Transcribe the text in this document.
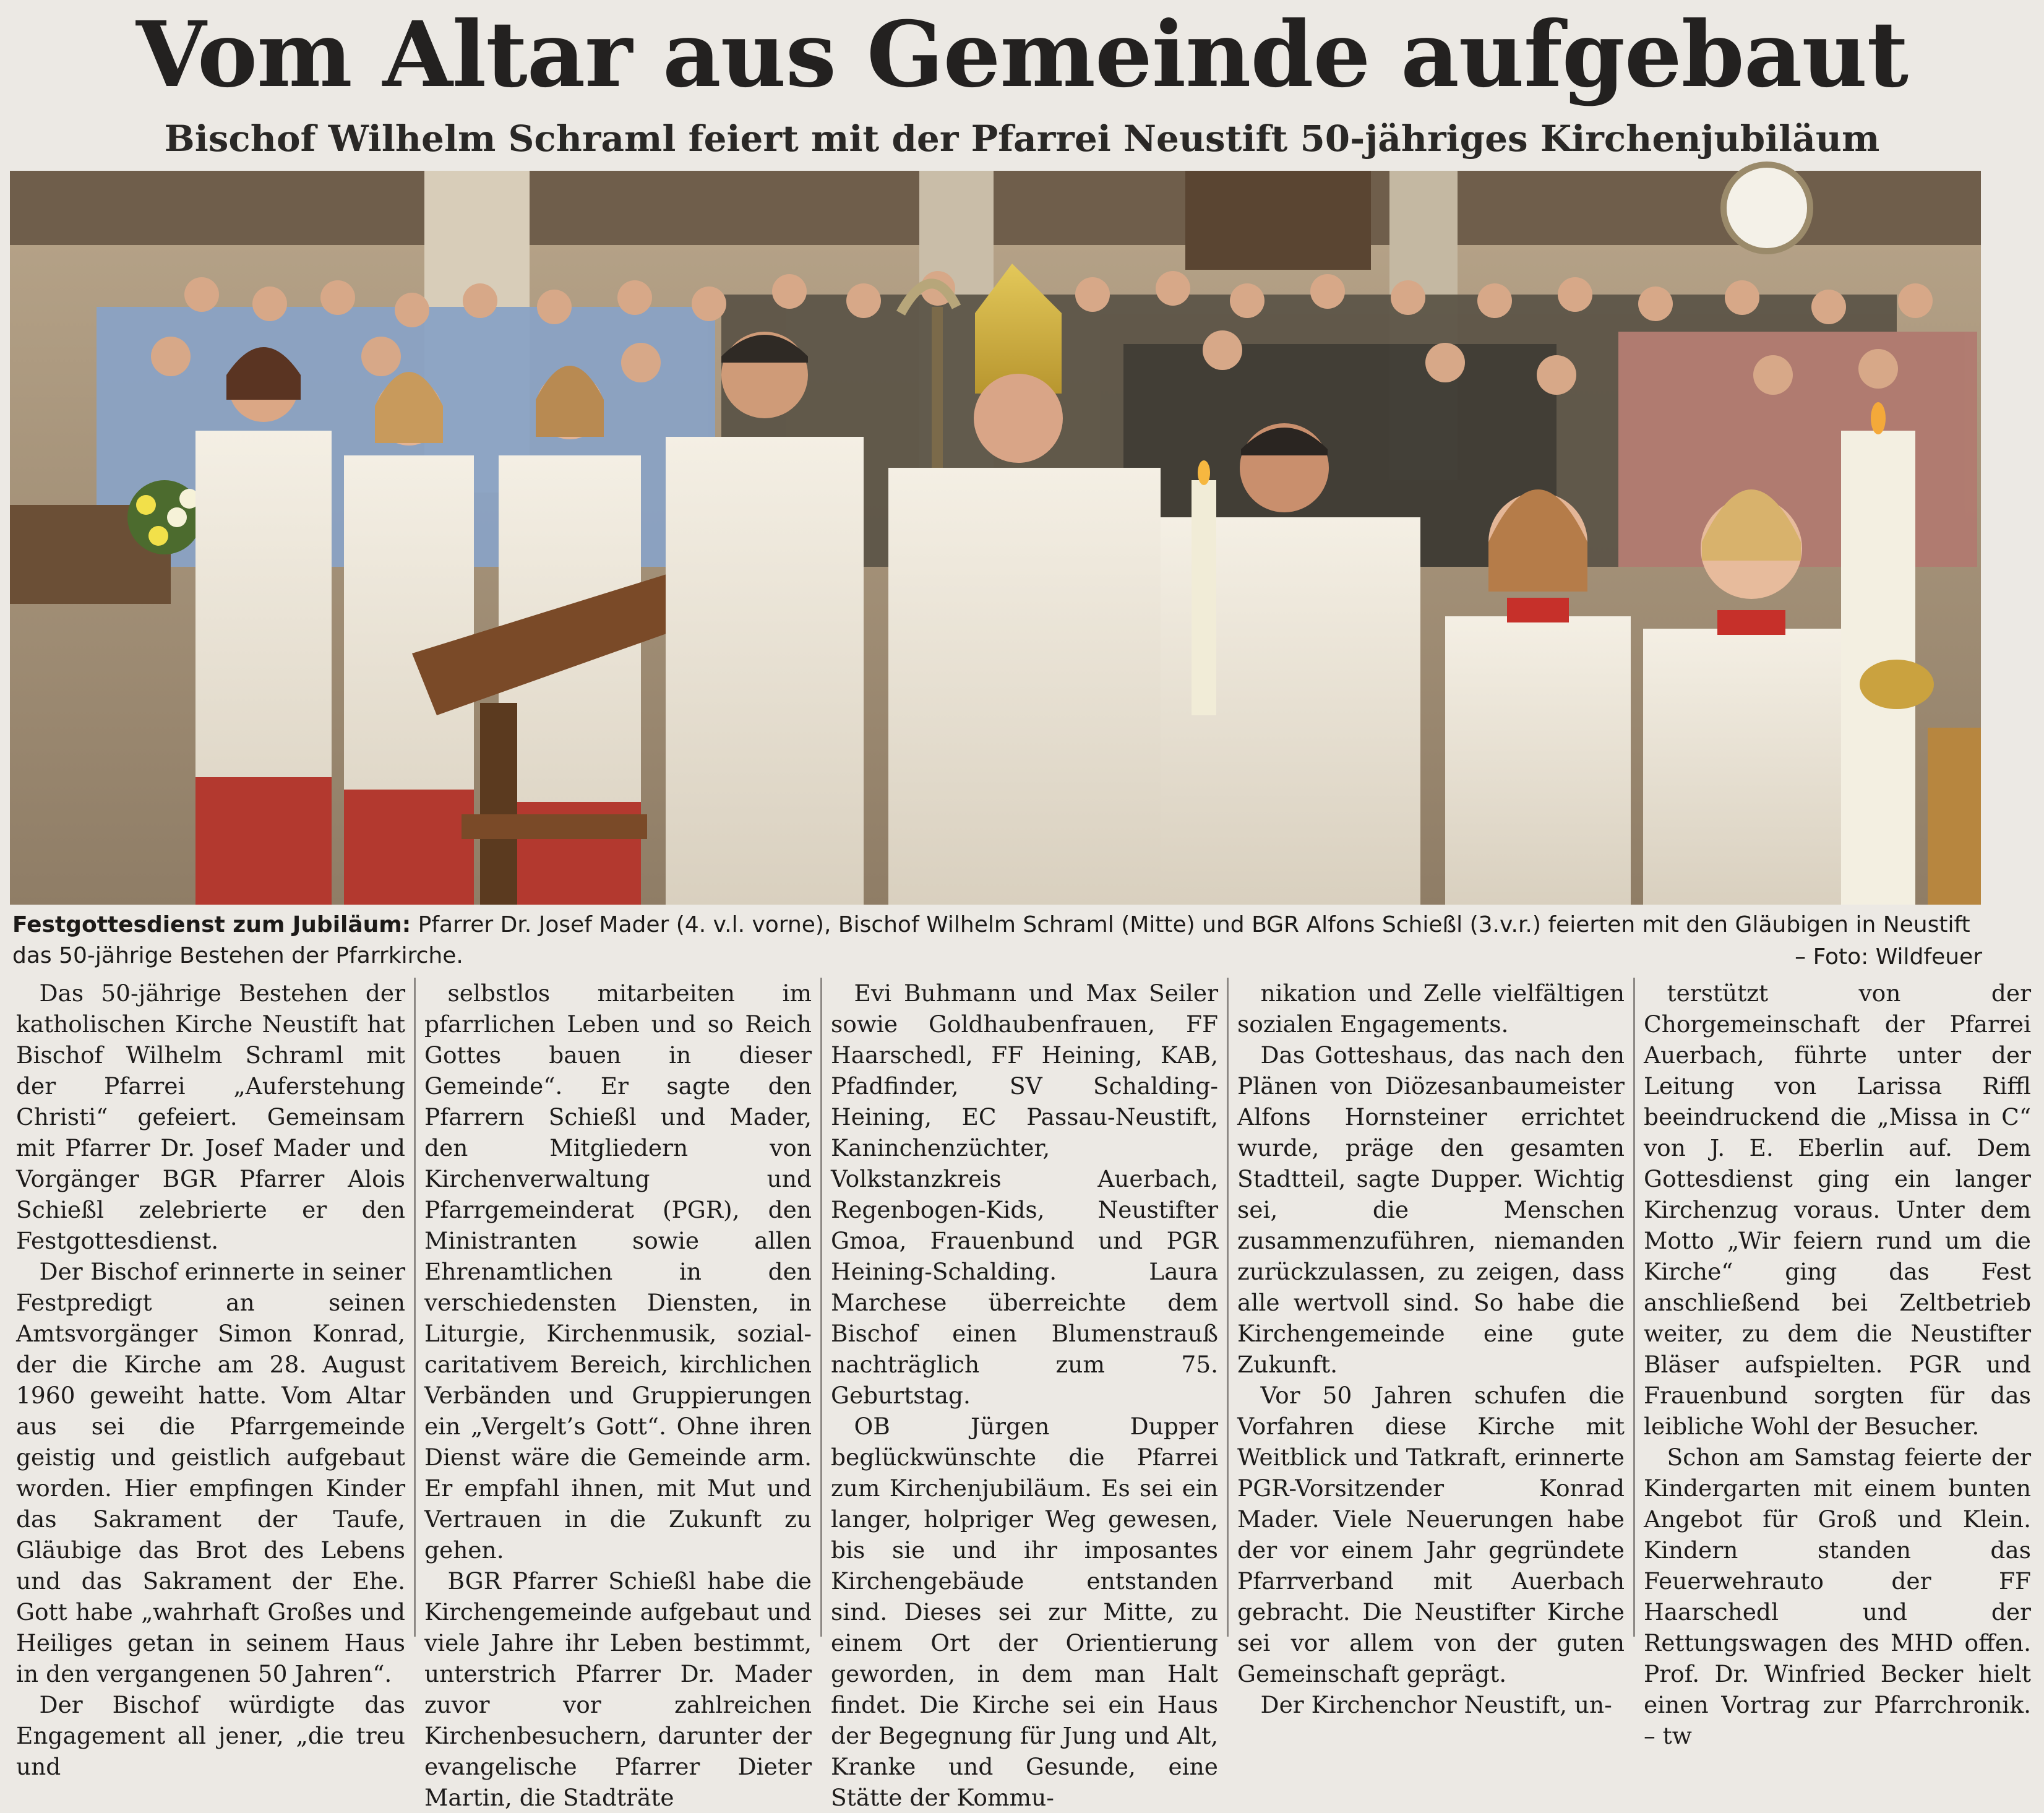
Vom Altar aus Gemeinde aufgebaut
Bischof Wilhelm Schraml feiert mit der Pfarrei Neustift 50-jähriges Kirchenjubiläum
Festgottesdienst zum Jubiläum: Pfarrer Dr. Josef Mader (4. v.l. vorne), Bischof Wilhelm Schraml (Mitte) und BGR Alfons Schießl (3.v.r.) feierten mit den Gläubigen in Neustift das 50-jährige Bestehen der Pfarrkirche.	– Foto: Wildfeuer

 Das 50-jährige Bestehen der katholischen Kirche Neustift hat Bischof Wilhelm Schraml mit der Pfarrei „Auferstehung Christi“ gefeiert. Gemeinsam mit Pfarrer Dr. Josef Mader und Vorgänger BGR Pfarrer Alois Schießl zelebrierte er den Festgottesdienst.
 Der Bischof erinnerte in seiner Festpredigt an seinen Amtsvorgänger Simon Konrad, der die Kirche am 28. August 1960 geweiht hatte. Vom Altar aus sei die Pfarrgemeinde geistig und geistlich aufgebaut worden. Hier empfingen Kinder das Sakrament der Taufe, Gläubige das Brot des Lebens und das Sakrament der Ehe. Gott habe „wahrhaft Großes und Heiliges getan in seinem Haus in den vergangenen 50 Jahren“.
 Der Bischof würdigte das Engagement all jener, „die treu und

 selbstlos mitarbeiten im pfarrlichen Leben und so Reich Gottes bauen in dieser Gemeinde“. Er sagte den Pfarrern Schießl und Mader, den Mitgliedern von Kirchenverwaltung und Pfarrgemeinderat (PGR), den Ministranten sowie allen Ehrenamtlichen in den verschiedensten Diensten, in Liturgie, Kirchenmusik, sozial-caritativem Bereich, kirchlichen Verbänden und Gruppierungen ein „Vergelt’s Gott“. Ohne ihren Dienst wäre die Gemeinde arm. Er empfahl ihnen, mit Mut und Vertrauen in die Zukunft zu gehen.
 BGR Pfarrer Schießl habe die Kirchengemeinde aufgebaut und viele Jahre ihr Leben bestimmt, unterstrich Pfarrer Dr. Mader zuvor vor zahlreichen Kirchenbesuchern, darunter der evangelische Pfarrer Dieter Martin, die Stadträte

 Evi Buhmann und Max Seiler sowie Goldhaubenfrauen, FF Haarschedl, FF Heining, KAB, Pfadfinder, SV Schalding-Heining, EC Passau-Neustift, Kaninchenzüchter, Volkstanzkreis Auerbach, Regenbogen-Kids, Neustifter Gmoa, Frauenbund und PGR Heining-Schalding. Laura Marchese überreichte dem Bischof einen Blumenstrauß nachträglich zum 75. Geburtstag.
 OB Jürgen Dupper beglückwünschte die Pfarrei zum Kirchenjubiläum. Es sei ein langer, holpriger Weg gewesen, bis sie und ihr imposantes Kirchengebäude entstanden sind. Dieses sei zur Mitte, zu einem Ort der Orientierung geworden, in dem man Halt findet. Die Kirche sei ein Haus der Begegnung für Jung und Alt, Kranke und Gesunde, eine Stätte der Kommu-

 nikation und Zelle vielfältigen sozialen Engagements.
 Das Gotteshaus, das nach den Plänen von Diözesanbaumeister Alfons Hornsteiner errichtet wurde, präge den gesamten Stadtteil, sagte Dupper. Wichtig sei, die Menschen zusammenzuführen, niemanden zurückzulassen, zu zeigen, dass alle wertvoll sind. So habe die Kirchengemeinde eine gute Zukunft.
 Vor 50 Jahren schufen die Vorfahren diese Kirche mit Weitblick und Tatkraft, erinnerte PGR-Vorsitzender Konrad Mader. Viele Neuerungen habe der vor einem Jahr gegründete Pfarrverband mit Auerbach gebracht. Die Neustifter Kirche sei vor allem von der guten Gemeinschaft geprägt.
 Der Kirchenchor Neustift, un-

 terstützt von der Chorgemeinschaft der Pfarrei Auerbach, führte unter der Leitung von Larissa Riffl beeindruckend die „Missa in C“ von J. E. Eberlin auf. Dem Gottesdienst ging ein langer Kirchenzug voraus. Unter dem Motto „Wir feiern rund um die Kirche“ ging das Fest anschließend bei Zeltbetrieb weiter, zu dem die Neustifter Bläser aufspielten. PGR und Frauenbund sorgten für das leibliche Wohl der Besucher.
 Schon am Samstag feierte der Kindergarten mit einem bunten Angebot für Groß und Klein. Kindern standen das Feuerwehrauto der FF Haarschedl und der Rettungswagen des MHD offen. Prof. Dr. Winfried Becker hielt einen Vortrag zur Pfarrchronik. – tw
